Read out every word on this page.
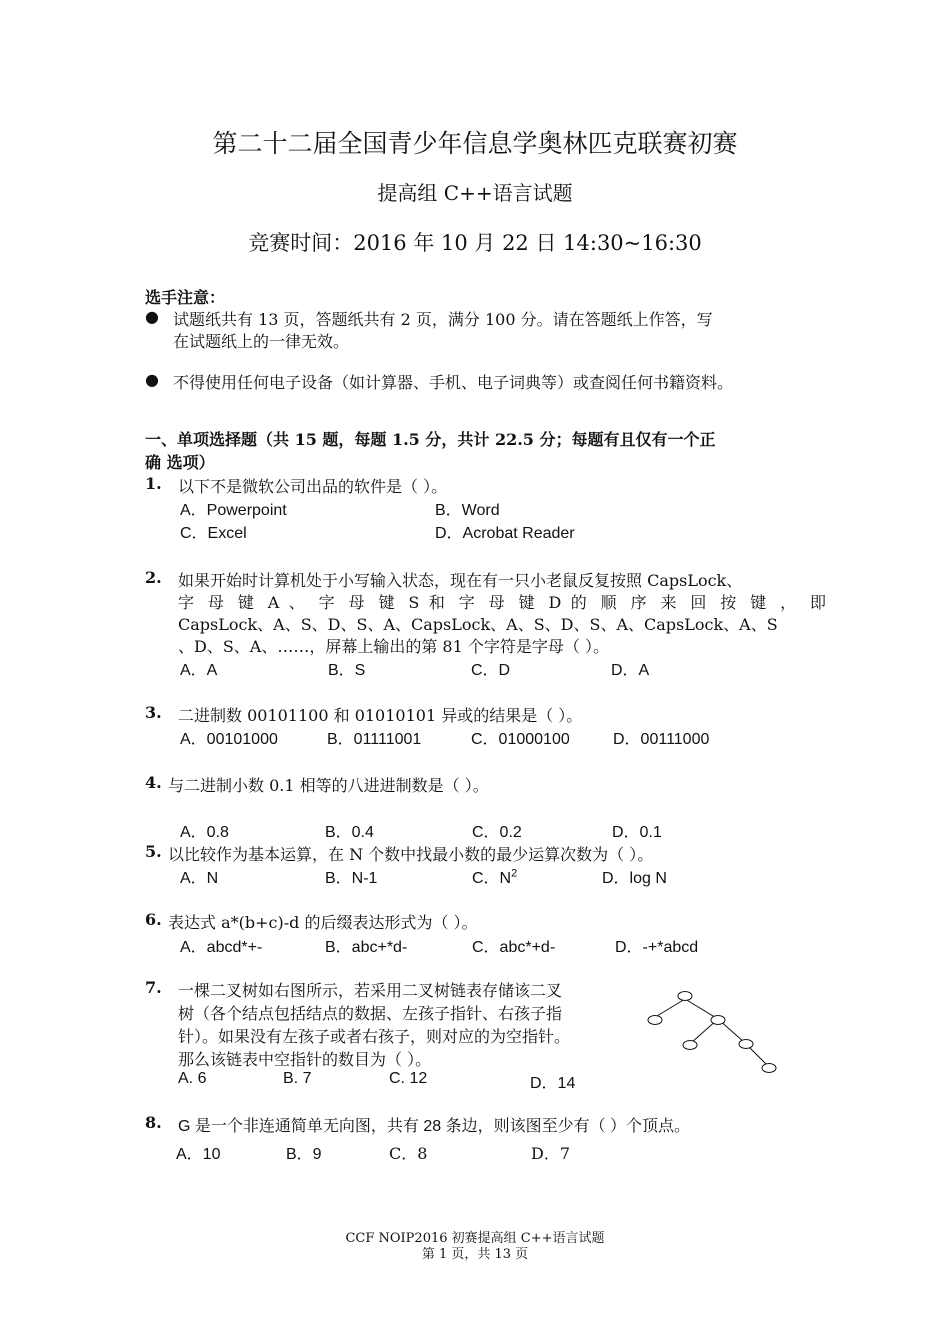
第二十二届全国青少年信息学奥林匹克联赛初赛
提高组 C++语言试题
竞赛时间：2016 年 10 月 22 日 14:30~16:30
选手注意：
● 试题纸共有 13 页，答题纸共有 2 页，满分 100 分。请在答题纸上作答，写
在试题纸上的一律无效。
● 不得使用任何电子设备（如计算器、手机、电子词典等）或查阅任何书籍资料。
一、单项选择题（共 15 题，每题 1.5 分，共计 22.5 分；每题有且仅有一个正
确 选项）
1. 以下不是微软公司出品的软件是（ ）。
A．Powerpoint	B．Word
C．Excel	D．Acrobat Reader
2. 如果开始时计算机处于小写输入状态，现在有一只小老鼠反复按照 CapsLock、
字 母 键 A 、 字 母 键 S 和 字 母 键 D 的 顺 序 来 回 按 键 ， 即
CapsLock、A、S、D、S、A、CapsLock、A、S、D、S、A、CapsLock、A、S
、D、S、A、……，屏幕上输出的第 81 个字符是字母（ ）。
A．A	B．S	C．D	D．A
3. 二进制数 00101100 和 01010101 异或的结果是（ ）。
A．00101000	B．01111001	C．01000100	D．00111000
4. 与二进制小数 0.1 相等的八进进制数是（ ）。
A．0.8	B．0.4	C．0.2	D．0.1
5. 以比较作为基本运算，在 N 个数中找最小数的最少运算次数为（ ）。
A．N	B．N-1	C．$N^2$	D．log N
6. 表达式 a*(b+c)-d 的后缀表达形式为（ ）。
A．abcd*+-	B．abc+*d-	C．abc*+d-	D．-+*abcd
7. 一棵二叉树如右图所示，若采用二叉树链表存储该二叉
树（各个结点包括结点的数据、左孩子指针、右孩子指
针）。如果没有左孩子或者右孩子，则对应的为空指针。
那么该链表中空指针的数目为（ ）。
A. 6	B. 7	C. 12	D．14
8. G 是一个非连通简单无向图，共有 28 条边，则该图至少有（ ）个顶点。
A．10	B．9	C．8	D．7
CCF NOIP2016 初赛提高组 C++语言试题
第 1 页，共 13 页
